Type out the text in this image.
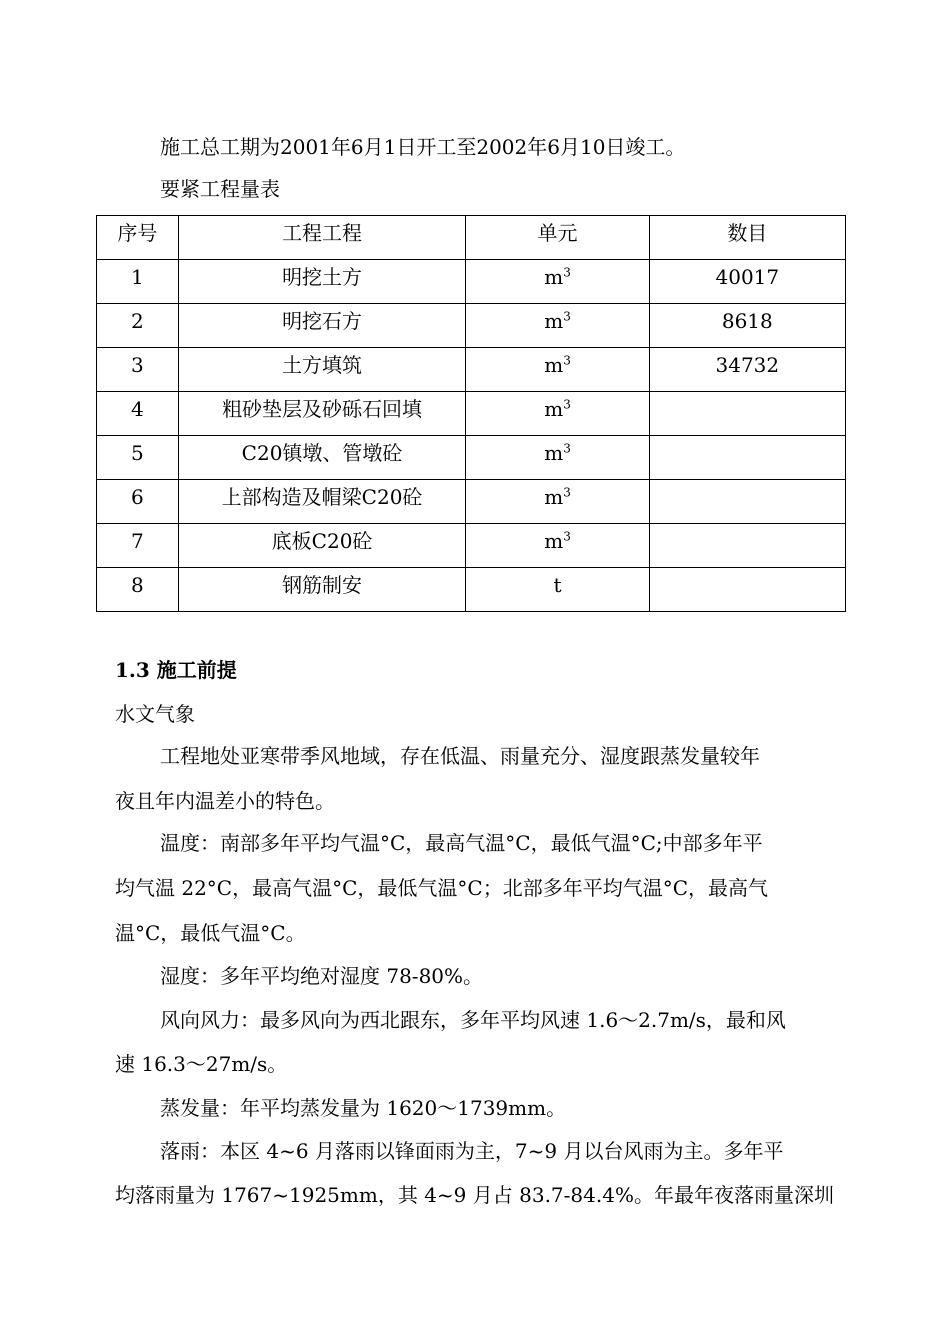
施工总工期为2001年6月1日开工至2002年6月10日竣工。
要紧工程量表
序号	工程工程	单元	数目
1	明挖土方	$m^3$	40017
2	明挖石方	$m^3$	8618
3	土方填筑	$m^3$	34732
4	粗砂垫层及砂砾石回填	$m^3$	
5	C20镇墩、管墩砼	$m^3$	
6	上部构造及帽梁C20砼	$m^3$	
7	底板C20砼	$m^3$	
8	钢筋制安	t	
1.3 施工前提
水文气象
工程地处亚寒带季风地域，存在低温、雨量充分、湿度跟蒸发量较年
夜且年内温差小的特色。
温度：南部多年平均气温°C，最高气温°C，最低气温°C;中部多年平
均气温 22°C，最高气温°C，最低气温°C；北部多年平均气温°C，最高气
温°C，最低气温°C。
湿度：多年平均绝对湿度 78-80%。
风向风力：最多风向为西北跟东，多年平均风速 1.6～2.7m/s，最和风
速 16.3～27m/s。
蒸发量：年平均蒸发量为 1620～1739mm。
落雨：本区 4~6 月落雨以锋面雨为主，7~9 月以台风雨为主。多年平
均落雨量为 1767~1925mm，其 4~9 月占 83.7-84.4%。年最年夜落雨量深圳
